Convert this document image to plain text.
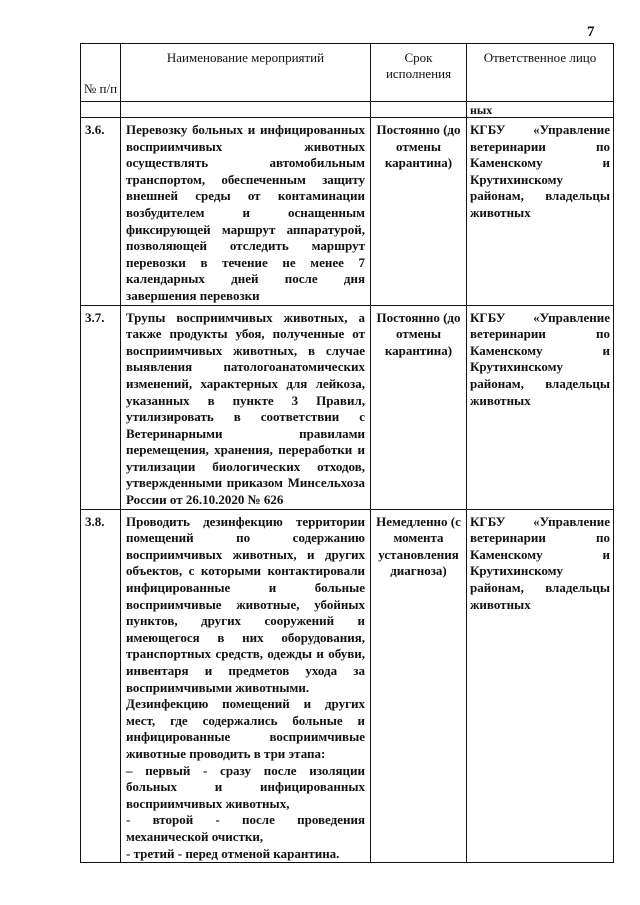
7
№ п/п	Наименование мероприятий	Срок исполнения	Ответственное лицо
			ных
3.6.	Перевозку больных и инфицированных восприимчивых животных осуществлять автомобильным транспортом, обеспеченным защиту внешней среды от контаминации возбудителем и оснащенным фиксирующей маршрут аппаратурой, позволяющей отследить маршрут перевозки в течение не менее 7 календарных дней после дня завершения перевозки	Постоянно (до отмены карантина)	КГБУ «Управление ветеринарии по Каменскому и Крутихинскому районам, владельцы животных
3.7.	Трупы восприимчивых животных, а также продукты убоя, полученные от восприимчивых животных, в случае выявления патологоанатомических изменений, характерных для лейкоза, указанных в пункте 3 Правил, утилизировать в соответствии с Ветеринарными правилами перемещения, хранения, переработки и утилизации биологических отходов, утвержденными приказом Минсельхоза России от 26.10.2020 № 626	Постоянно (до отмены карантина)	КГБУ «Управление ветеринарии по Каменскому и Крутихинскому районам, владельцы животных
3.8.	Проводить дезинфекцию территории помещений по содержанию восприимчивых животных, и других объектов, с которыми контактировали инфицированные и больные восприимчивые животные, убойных пунктов, других сооружений и имеющегося в них оборудования, транспортных средств, одежды и обуви, инвентаря и предметов ухода за восприимчивыми животными.

Дезинфекцию помещений и других мест, где содержались больные и инфицированные восприимчивые животные проводить в три этапа:

– первый - сразу после изоляции больных и инфицированных восприимчивых животных,

- второй - после проведения механической очистки,

- третий - перед отменой карантина.	Немедленно (с момента установления диагноза)	КГБУ «Управление ветеринарии по Каменскому и Крутихинскому районам, владельцы животных
